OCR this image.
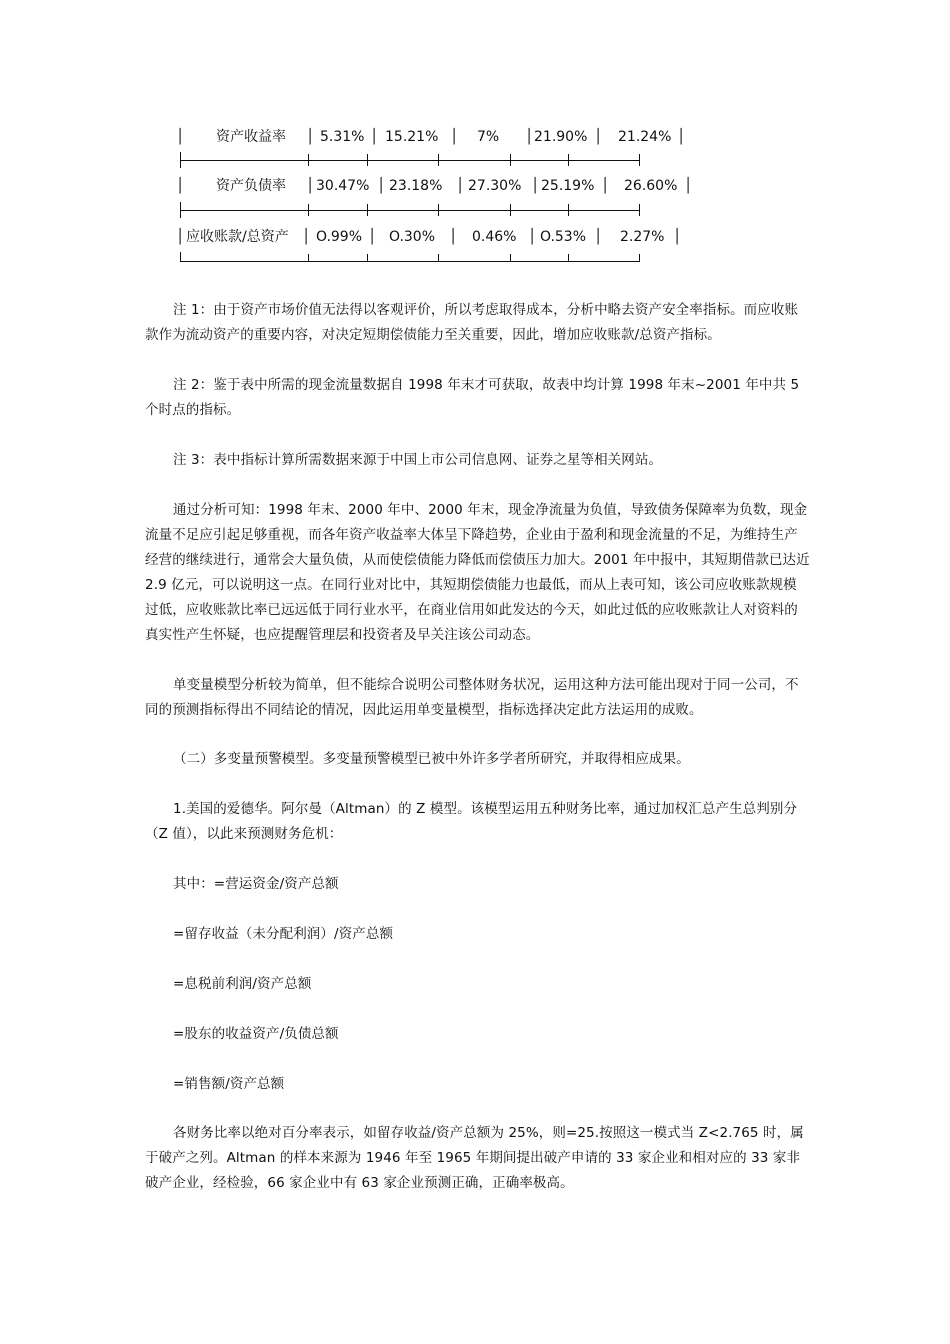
│ 资产收益率 │ 5.31% │ 15.21% │ 7% │ 21.90% │ 21.24% │
│ 资产负债率 │ 30.47% │ 23.18% │ 27.30% │ 25.19% │ 26.60% │
│ 应收账款/总资产 │ O.99% │ O.30% │ 0.46% │ O.53% │ 2.27% │

注 1：由于资产市场价值无法得以客观评价，所以考虑取得成本，分析中略去资产安全率指标。而应收账款作为流动资产的重要内容，对决定短期偿债能力至关重要，因此，增加应收账款/总资产指标。

注 2：鉴于表中所需的现金流量数据自 1998 年末才可获取，故表中均计算 1998 年末~2001 年中共 5 个时点的指标。

注 3：表中指标计算所需数据来源于中国上市公司信息网、证券之星等相关网站。

通过分析可知：1998 年末、2000 年中、2000 年末，现金净流量为负值，导致债务保障率为负数，现金流量不足应引起足够重视，而各年资产收益率大体呈下降趋势，企业由于盈利和现金流量的不足，为维持生产经营的继续进行，通常会大量负债，从而使偿债能力降低而偿债压力加大。2001 年中报中，其短期借款已达近 2.9 亿元，可以说明这一点。在同行业对比中，其短期偿债能力也最低，而从上表可知，该公司应收账款规模过低，应收账款比率已远远低于同行业水平，在商业信用如此发达的今天，如此过低的应收账款让人对资料的真实性产生怀疑，也应提醒管理层和投资者及早关注该公司动态。

单变量模型分析较为简单，但不能综合说明公司整体财务状况，运用这种方法可能出现对于同一公司，不同的预测指标得出不同结论的情况，因此运用单变量模型，指标选择决定此方法运用的成败。

（二）多变量预警模型。多变量预警模型已被中外许多学者所研究，并取得相应成果。

1.美国的爱德华。阿尔曼（Altman）的 Z 模型。该模型运用五种财务比率，通过加权汇总产生总判别分（Z 值），以此来预测财务危机：

其中：=营运资金/资产总额

=留存收益（未分配利润）/资产总额

=息税前利润/资产总额

=股东的收益资产/负债总额

=销售额/资产总额

各财务比率以绝对百分率表示，如留存收益/资产总额为 25%，则=25.按照这一模式当 Z<2.765 时，属于破产之列。Altman 的样本来源为 1946 年至 1965 年期间提出破产申请的 33 家企业和相对应的 33 家非破产企业，经检验，66 家企业中有 63 家企业预测正确，正确率极高。
